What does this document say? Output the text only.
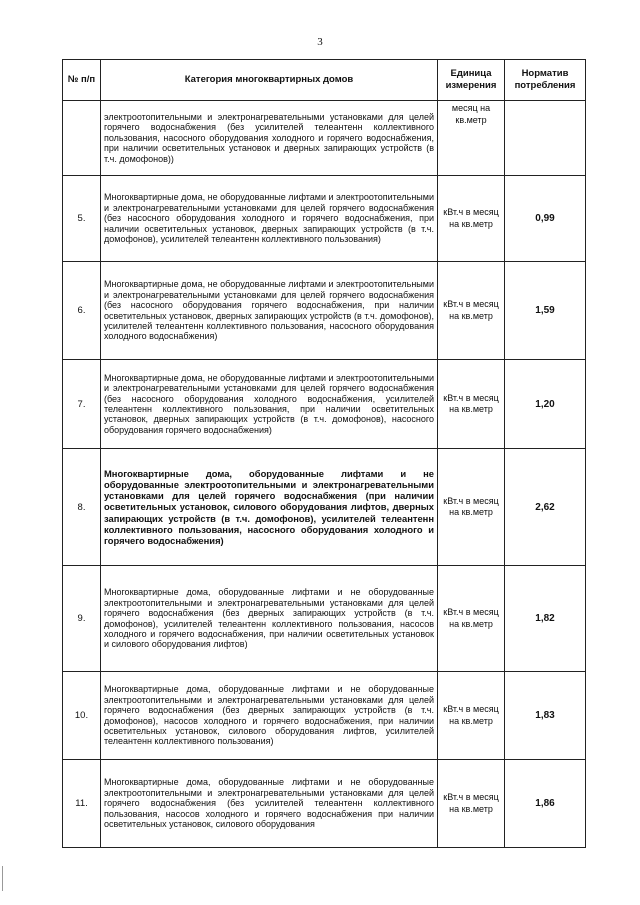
3
№ п/п	Категория многоквартирных домов	Единица измерения	Норматив потребления
	электроотопительными и электронагревательными установками для целей горячего водоснабжения (без усилителей телеантенн коллективного пользования, насосного оборудования холодного и горячего водоснабжения, при наличии осветительных установок и дверных запирающих устройств (в т.ч. домофонов))	месяц на кв.метр	
5.	Многоквартирные дома, не оборудованные лифтами и электроотопительными и электронагревательными установками для целей горячего водоснабжения (без насосного оборудования холодного и горячего водоснабжения, при наличии осветительных установок, дверных запирающих устройств (в т.ч. домофонов), усилителей телеантенн коллективного пользования)	кВт.ч в месяц на кв.метр	0,99
6.	Многоквартирные дома, не оборудованные лифтами и электроотопительными и электронагревательными установками для целей горячего водоснабжения (без насосного оборудования горячего водоснабжения, при наличии осветительных установок, дверных запирающих устройств (в т.ч. домофонов), усилителей телеантенн коллективного пользования, насосного оборудования холодного водоснабжения)	кВт.ч в месяц на кв.метр	1,59
7.	Многоквартирные дома, не оборудованные лифтами и электроотопительными и электронагревательными установками для целей горячего водоснабжения (без насосного оборудования холодного водоснабжения, усилителей телеантенн коллективного пользования, при наличии осветительных установок, дверных запирающих устройств (в т.ч. домофонов), насосного оборудования горячего водоснабжения)	кВт.ч в месяц на кв.метр	1,20
8.	Многоквартирные дома, оборудованные лифтами и не оборудованные электроотопительными и электронагревательными установками для целей горячего водоснабжения (при наличии осветительных установок, силового оборудования лифтов, дверных запирающих устройств (в т.ч. домофонов), усилителей телеантенн коллективного пользования, насосного оборудования холодного и горячего водоснабжения)	кВт.ч в месяц на кв.метр	2,62
9.	Многоквартирные дома, оборудованные лифтами и не оборудованные электроотопительными и электронагревательными установками для целей горячего водоснабжения (без дверных запирающих устройств (в т.ч. домофонов), усилителей телеантенн коллективного пользования, насосов холодного и горячего водоснабжения, при наличии осветительных установок и силового оборудования лифтов)	кВт.ч в месяц на кв.метр	1,82
10.	Многоквартирные дома, оборудованные лифтами и не оборудованные электроотопительными и электронагревательными установками для целей горячего водоснабжения (без дверных запирающих устройств (в т.ч. домофонов), насосов холодного и горячего водоснабжения, при наличии осветительных установок, силового оборудования лифтов, усилителей телеантенн коллективного пользования)	кВт.ч в месяц на кв.метр	1,83
11.	Многоквартирные дома, оборудованные лифтами и не оборудованные электроотопительными и электронагревательными установками для целей горячего водоснабжения (без усилителей телеантенн коллективного пользования, насосов холодного и горячего водоснабжения при наличии осветительных установок, силового оборудования	кВт.ч в месяц на кв.метр	1,86
